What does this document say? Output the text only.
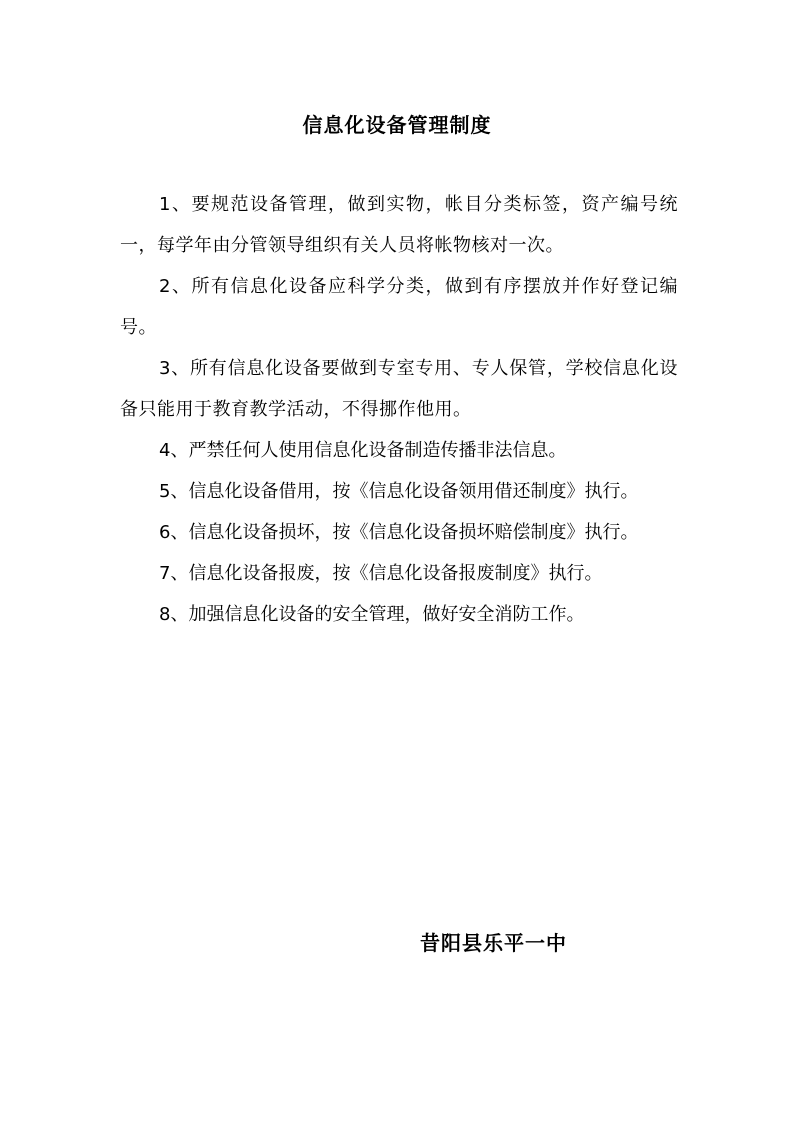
信息化设备管理制度

1、要规范设备管理，做到实物，帐目分类标签，资产编号统一，每学年由分管领导组织有关人员将帐物核对一次。

2、所有信息化设备应科学分类，做到有序摆放并作好登记编号。

3、所有信息化设备要做到专室专用、专人保管，学校信息化设备只能用于教育教学活动，不得挪作他用。

4、严禁任何人使用信息化设备制造传播非法信息。

5、信息化设备借用，按《信息化设备领用借还制度》执行。

6、信息化设备损坏，按《信息化设备损坏赔偿制度》执行。

7、信息化设备报废，按《信息化设备报废制度》执行。

8、加强信息化设备的安全管理，做好安全消防工作。

昔阳县乐平一中
